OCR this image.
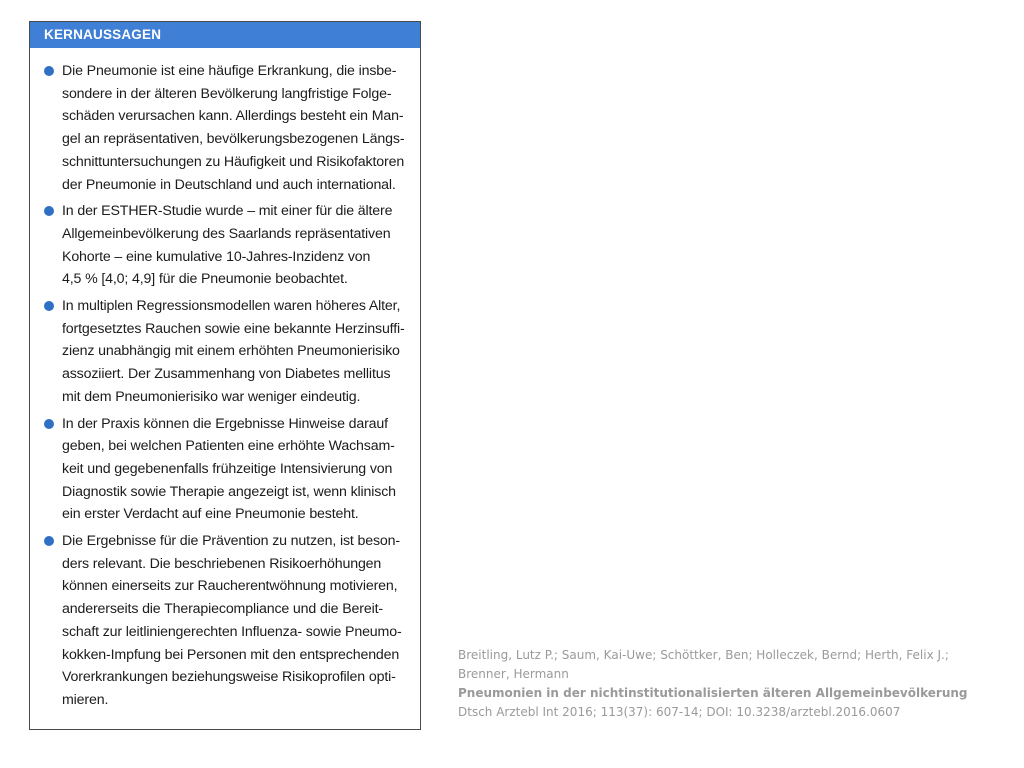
KERNAUSSAGEN
Die Pneumonie ist eine häufige Erkrankung, die insbe-
sondere in der älteren Bevölkerung langfristige Folge-
schäden verursachen kann. Allerdings besteht ein Man-
gel an repräsentativen, bevölkerungsbezogenen Längs-
schnittuntersuchungen zu Häufigkeit und Risikofaktoren
der Pneumonie in Deutschland und auch international.
In der ESTHER-Studie wurde – mit einer für die ältere
Allgemeinbevölkerung des Saarlands repräsentativen
Kohorte – eine kumulative 10-Jahres-Inzidenz von
4,5 % [4,0; 4,9] für die Pneumonie beobachtet.
In multiplen Regressionsmodellen waren höheres Alter,
fortgesetztes Rauchen sowie eine bekannte Herzinsuffi-
zienz unabhängig mit einem erhöhten Pneumonierisiko
assoziiert. Der Zusammenhang von Diabetes mellitus
mit dem Pneumonierisiko war weniger eindeutig.
In der Praxis können die Ergebnisse Hinweise darauf
geben, bei welchen Patienten eine erhöhte Wachsam-
keit und gegebenenfalls frühzeitige Intensivierung von
Diagnostik sowie Therapie angezeigt ist, wenn klinisch
ein erster Verdacht auf eine Pneumonie besteht.
Die Ergebnisse für die Prävention zu nutzen, ist beson-
ders relevant. Die beschriebenen Risikoerhöhungen
können einerseits zur Raucherentwöhnung motivieren,
andererseits die Therapiecompliance und die Bereit-
schaft zur leitliniengerechten Influenza- sowie Pneumo-
kokken-Impfung bei Personen mit den entsprechenden
Vorerkrankungen beziehungsweise Risikoprofilen opti-
mieren.
Breitling, Lutz P.; Saum, Kai-Uwe; Schöttker, Ben; Holleczek, Bernd; Herth, Felix J.; Brenner, Hermann
Pneumonien in der nichtinstitutionalisierten älteren Allgemeinbevölkerung
Dtsch Arztebl Int 2016; 113(37): 607-14; DOI: 10.3238/arztebl.2016.0607
